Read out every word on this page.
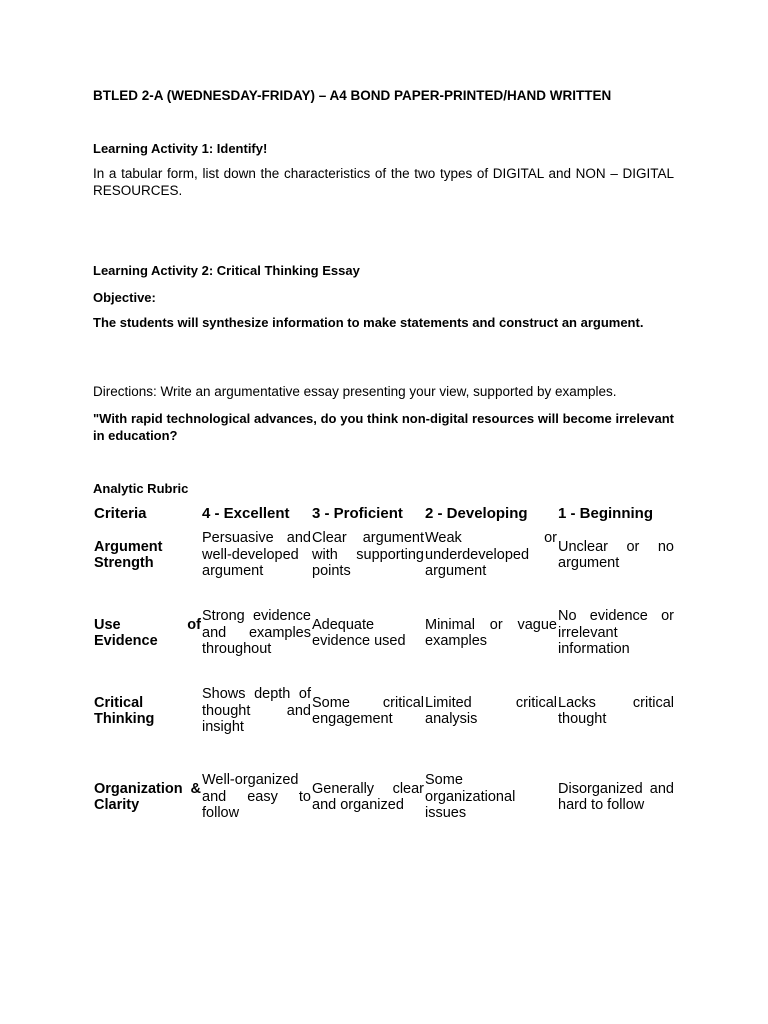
BTLED 2-A (WEDNESDAY-FRIDAY) – A4 BOND PAPER-PRINTED/HAND WRITTEN

Learning Activity 1: Identify!

In a tabular form, list down the characteristics of the two types of DIGITAL and NON – DIGITAL RESOURCES.

Learning Activity 2: Critical Thinking Essay

Objective:

The students will synthesize information to make statements and construct an argument.

Directions: Write an argumentative essay presenting your view, supported by examples.

"With rapid technological advances, do you think non-digital resources will become irrelevant in education?

Analytic Rubric

Criteria	4 - Excellent	3 - Proficient	2 - Developing	1 - Beginning

Argument Strength	Persuasive and well-developed argument	Clear argument with supporting points	Weak or underdeveloped argument	Unclear or no argument

Use of Evidence	Strong evidence and examples throughout	Adequate evidence used	Minimal or vague examples	No evidence or irrelevant information

Critical Thinking	Shows depth of thought and insight	Some critical engagement	Limited critical analysis	Lacks critical thought

Organization & Clarity	Well-organized and easy to follow	Generally clear and organized	Some organizational issues	Disorganized and hard to follow
